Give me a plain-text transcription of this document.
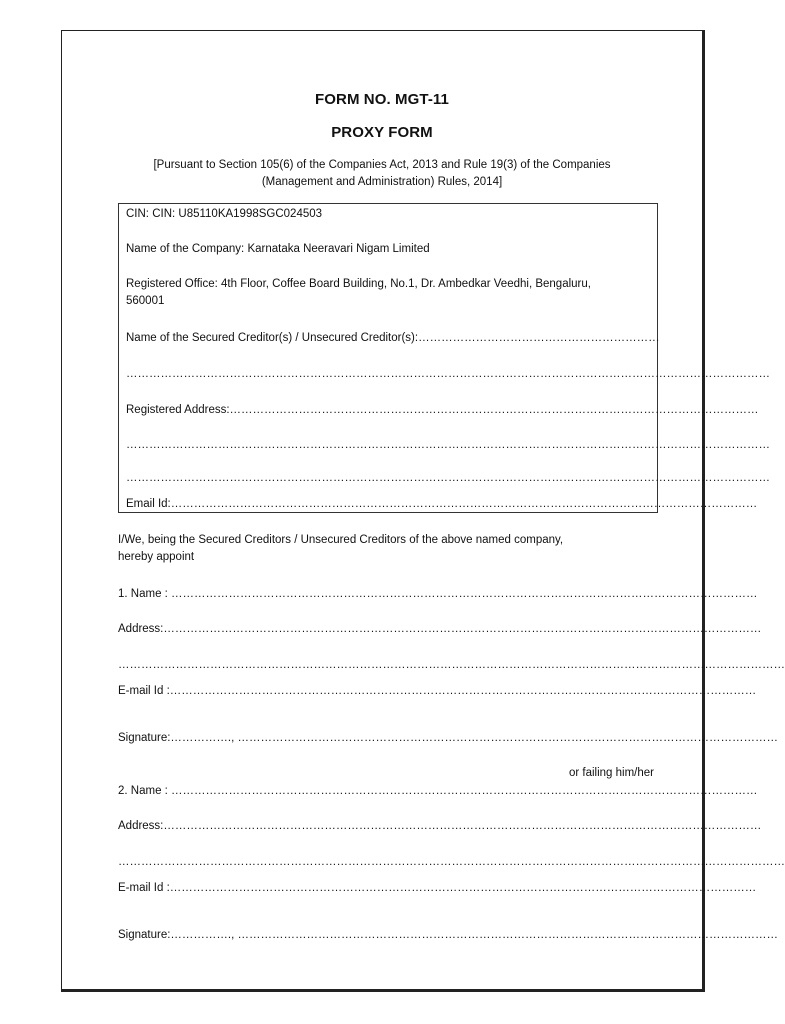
FORM NO. MGT-11
PROXY FORM
[Pursuant to Section 105(6) of the Companies Act, 2013 and Rule 19(3) of the Companies
(Management and Administration) Rules, 2014]
CIN: CIN: U85110KA1998SGC024503
Name of the Company: Karnataka Neeravari Nigam Limited
Registered Office: 4th Floor, Coffee Board Building, No.1, Dr. Ambedkar Veedhi, Bengaluru,
560001
Name of the Secured Creditor(s) / Unsecured Creditor(s):………………………………………………………
……………………………………………………………………………………………………………………………………………………
Registered Address:…………………………………………………………………………………………………………………………
……………………………………………………………………………………………………………………………………………………
……………………………………………………………………………………………………………………………………………………
Email Id:………………………………………………………………………………………………………………………………………
I/We, being the Secured Creditors / Unsecured Creditors of the above named company,
hereby appoint
1. Name : ………………………………………………………………………………………………………………………………………
Address:…………………………………………………………………………………………………………………………………………
…………………………………………………………………………………………………………………………………………………………
E-mail Id :………………………………………………………………………………………………………………………………………
Signature:……………., ……………………………………………………………………………………………………………………………
or failing him/her
2. Name : ………………………………………………………………………………………………………………………………………
Address:…………………………………………………………………………………………………………………………………………
…………………………………………………………………………………………………………………………………………………………
E-mail Id :………………………………………………………………………………………………………………………………………
Signature:……………., ……………………………………………………………………………………………………………………………
